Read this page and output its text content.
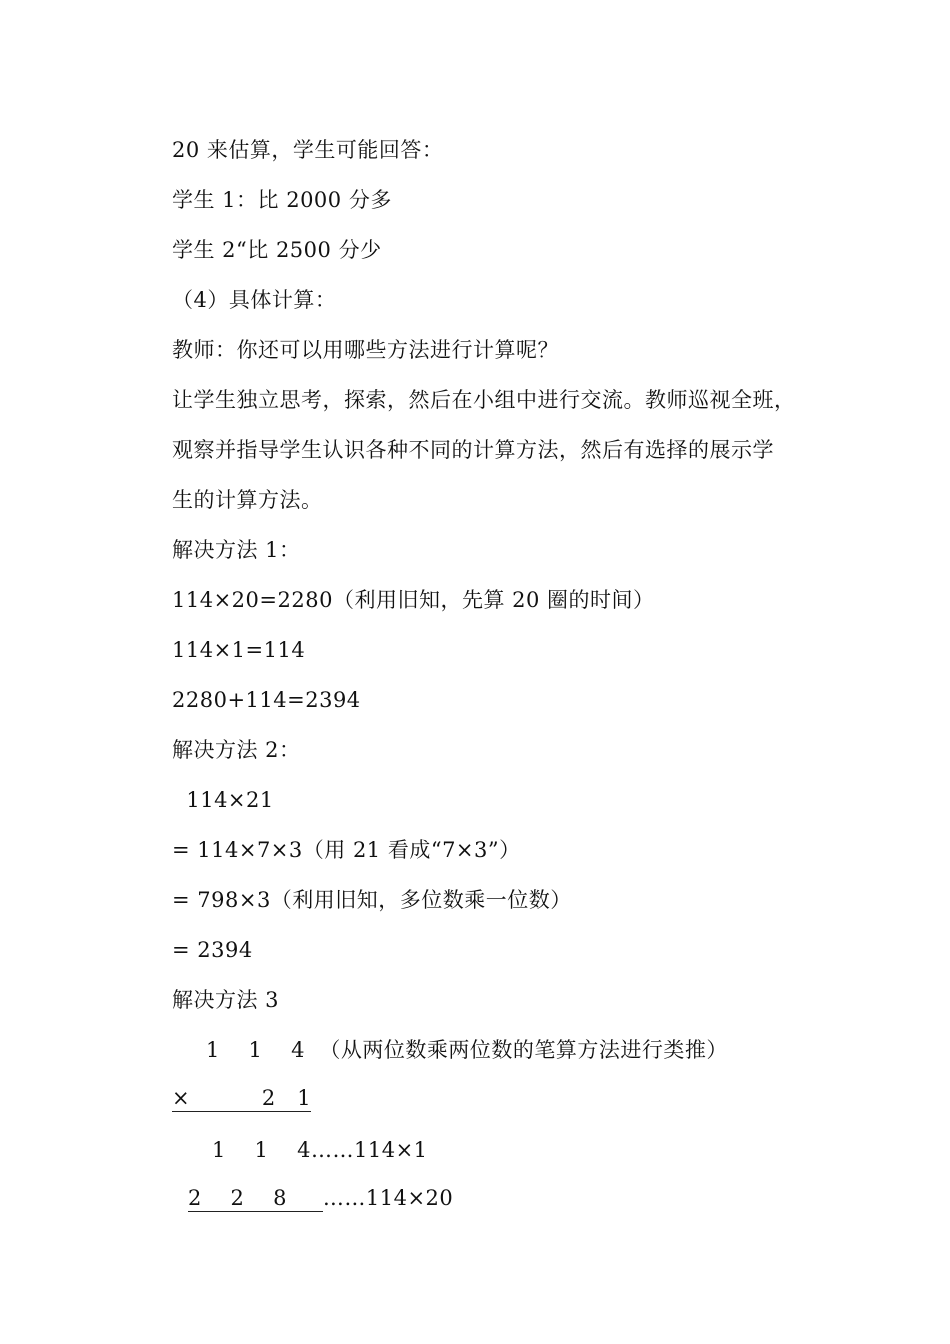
20 来估算，学生可能回答：
学生 1：比 2000 分多
学生 2“比 2500 分少
（4）具体计算：
教师：你还可以用哪些方法进行计算呢？
让学生独立思考，探索，然后在小组中进行交流。教师巡视全班，
观察并指导学生认识各种不同的计算方法，然后有选择的展示学
生的计算方法。
解决方法 1：
114×20=2280（利用旧知，先算 20 圈的时间）
114×1=114
2280+114=2394
解决方法 2：
114×21
= 114×7×3（用 21 看成“7×3”）
= 798×3（利用旧知，多位数乘一位数）
= 2394
解决方法 3
1    1    4  （从两位数乘两位数的笔算方法进行类推）
×          2   1
1    1    4……114×1
2    2    8     ……114×20
